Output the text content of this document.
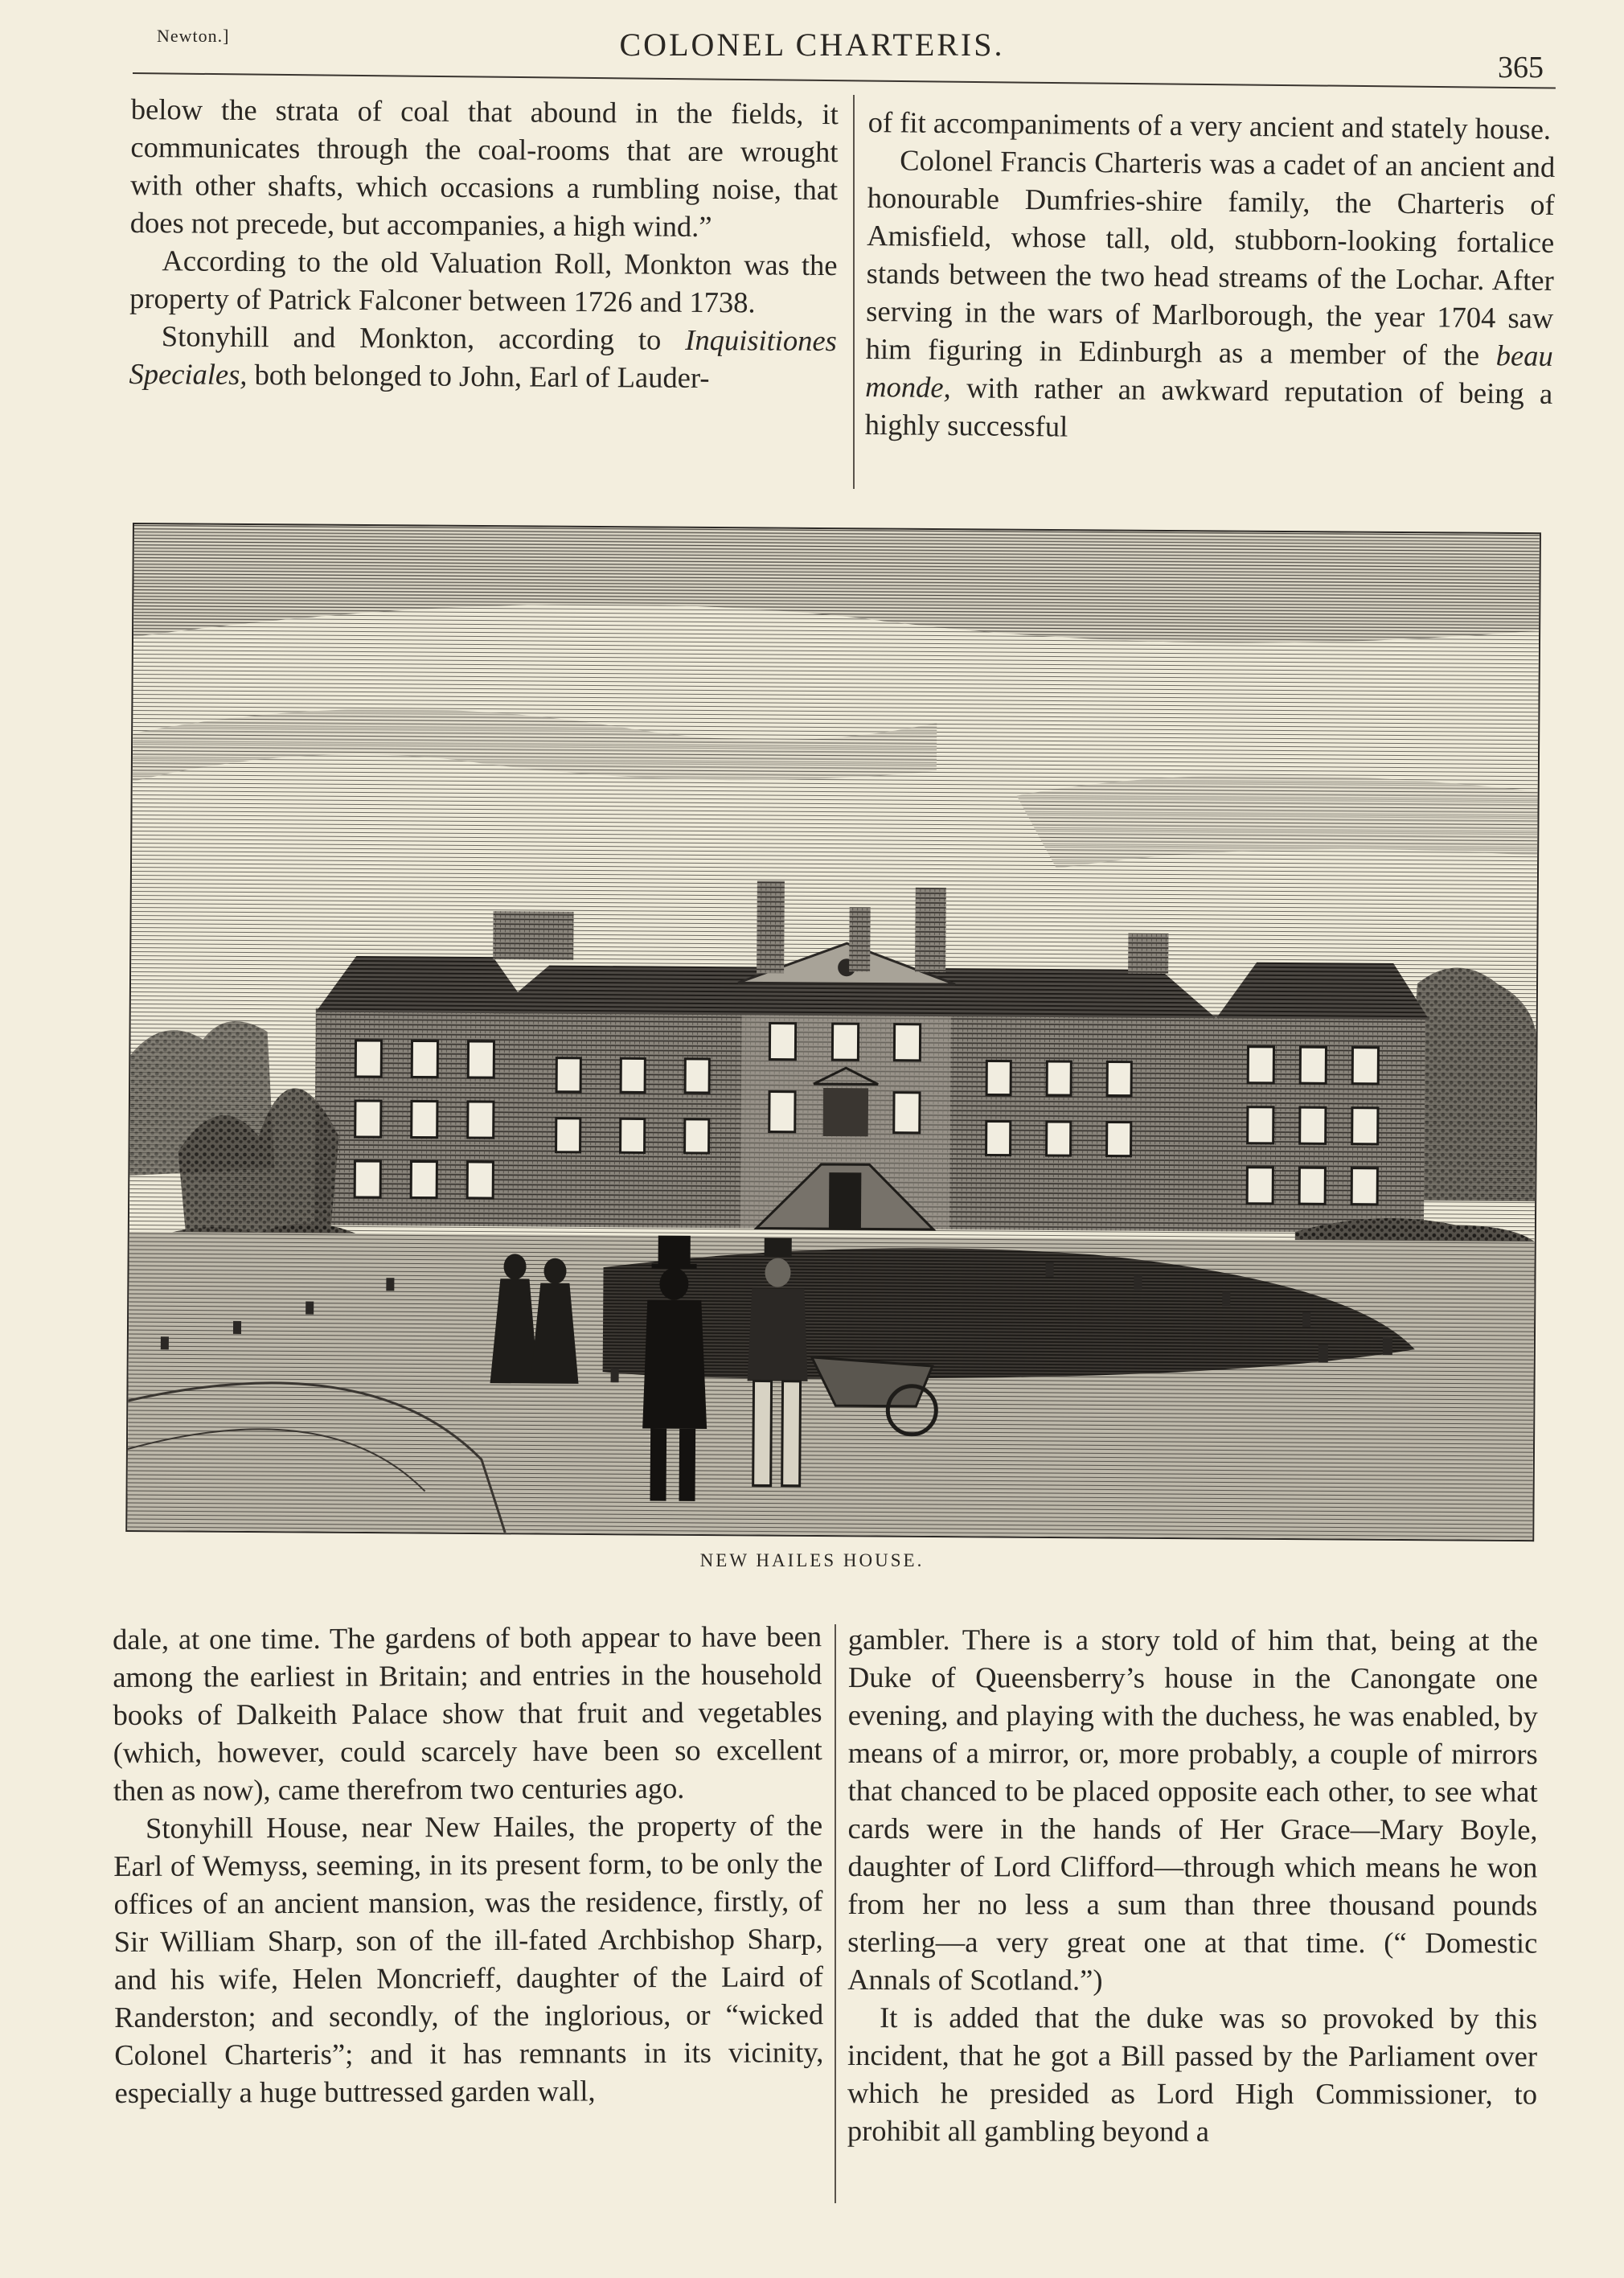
Newton.]	COLONEL CHARTERIS.
365

below the strata of coal that abound in the fields, it communicates through the coal-rooms that are wrought with other shafts, which occasions a rumbling noise, that does not precede, but accompanies, a high wind.”

According to the old Valuation Roll, Monkton was the property of Patrick Falconer between 1726 and 1738.

Stonyhill and Monkton, according to Inquisitiones Speciales, both belonged to John, Earl of Lauder-

of fit accompaniments of a very ancient and stately house.

Colonel Francis Charteris was a cadet of an ancient and honourable Dumfries-shire family, the Charteris of Amisfield, whose tall, old, stubborn-looking fortalice stands between the two head streams of the Lochar. After serving in the wars of Marlborough, the year 1704 saw him figuring in Edinburgh as a member of the beau monde, with rather an awkward reputation of being a highly successful

NEW HAILES HOUSE.

dale, at one time. The gardens of both appear to have been among the earliest in Britain; and entries in the household books of Dalkeith Palace show that fruit and vegetables (which, however, could scarcely have been so excellent then as now), came therefrom two centuries ago.

Stonyhill House, near New Hailes, the property of the Earl of Wemyss, seeming, in its present form, to be only the offices of an ancient mansion, was the residence, firstly, of Sir William Sharp, son of the ill-fated Archbishop Sharp, and his wife, Helen Moncrieff, daughter of the Laird of Randerston; and secondly, of the inglorious, or “wicked Colonel Charteris”; and it has remnants in its vicinity, especially a huge buttressed garden wall,

gambler. There is a story told of him that, being at the Duke of Queensberry’s house in the Canongate one evening, and playing with the duchess, he was enabled, by means of a mirror, or, more probably, a couple of mirrors that chanced to be placed opposite each other, to see what cards were in the hands of Her Grace—Mary Boyle, daughter of Lord Clifford—through which means he won from her no less a sum than three thousand pounds sterling—a very great one at that time. (“ Domestic Annals of Scotland.”)

It is added that the duke was so provoked by this incident, that he got a Bill passed by the Parliament over which he presided as Lord High Commissioner, to prohibit all gambling beyond a
